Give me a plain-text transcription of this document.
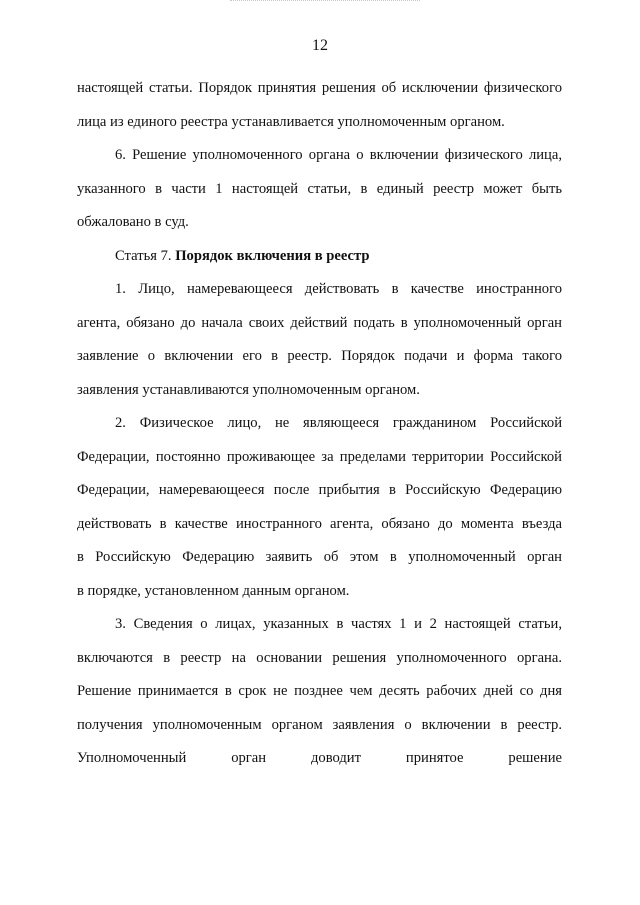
12
настоящей статьи. Порядок принятия решения об исключении физического
лица из единого реестра устанавливается уполномоченным органом.
6. Решение уполномоченного органа о включении физического лица,
указанного в части 1 настоящей статьи, в единый реестр может быть
обжаловано в суд.
Статья 7. Порядок включения в реестр
1. Лицо, намеревающееся действовать в качестве иностранного
агента, обязано до начала своих действий подать в уполномоченный орган
заявление о включении его в реестр. Порядок подачи и форма такого
заявления устанавливаются уполномоченным органом.
2. Физическое лицо, не являющееся гражданином Российской
Федерации, постоянно проживающее за пределами территории Российской
Федерации, намеревающееся после прибытия в Российскую Федерацию
действовать в качестве иностранного агента, обязано до момента въезда
в Российскую Федерацию заявить об этом в уполномоченный орган
в порядке, установленном данным органом.
3. Сведения о лицах, указанных в частях 1 и 2 настоящей статьи,
включаются в реестр на основании решения уполномоченного органа.
Решение принимается в срок не позднее чем десять рабочих дней со дня
получения уполномоченным органом заявления о включении в реестр.
Уполномоченный орган доводит принятое решение
